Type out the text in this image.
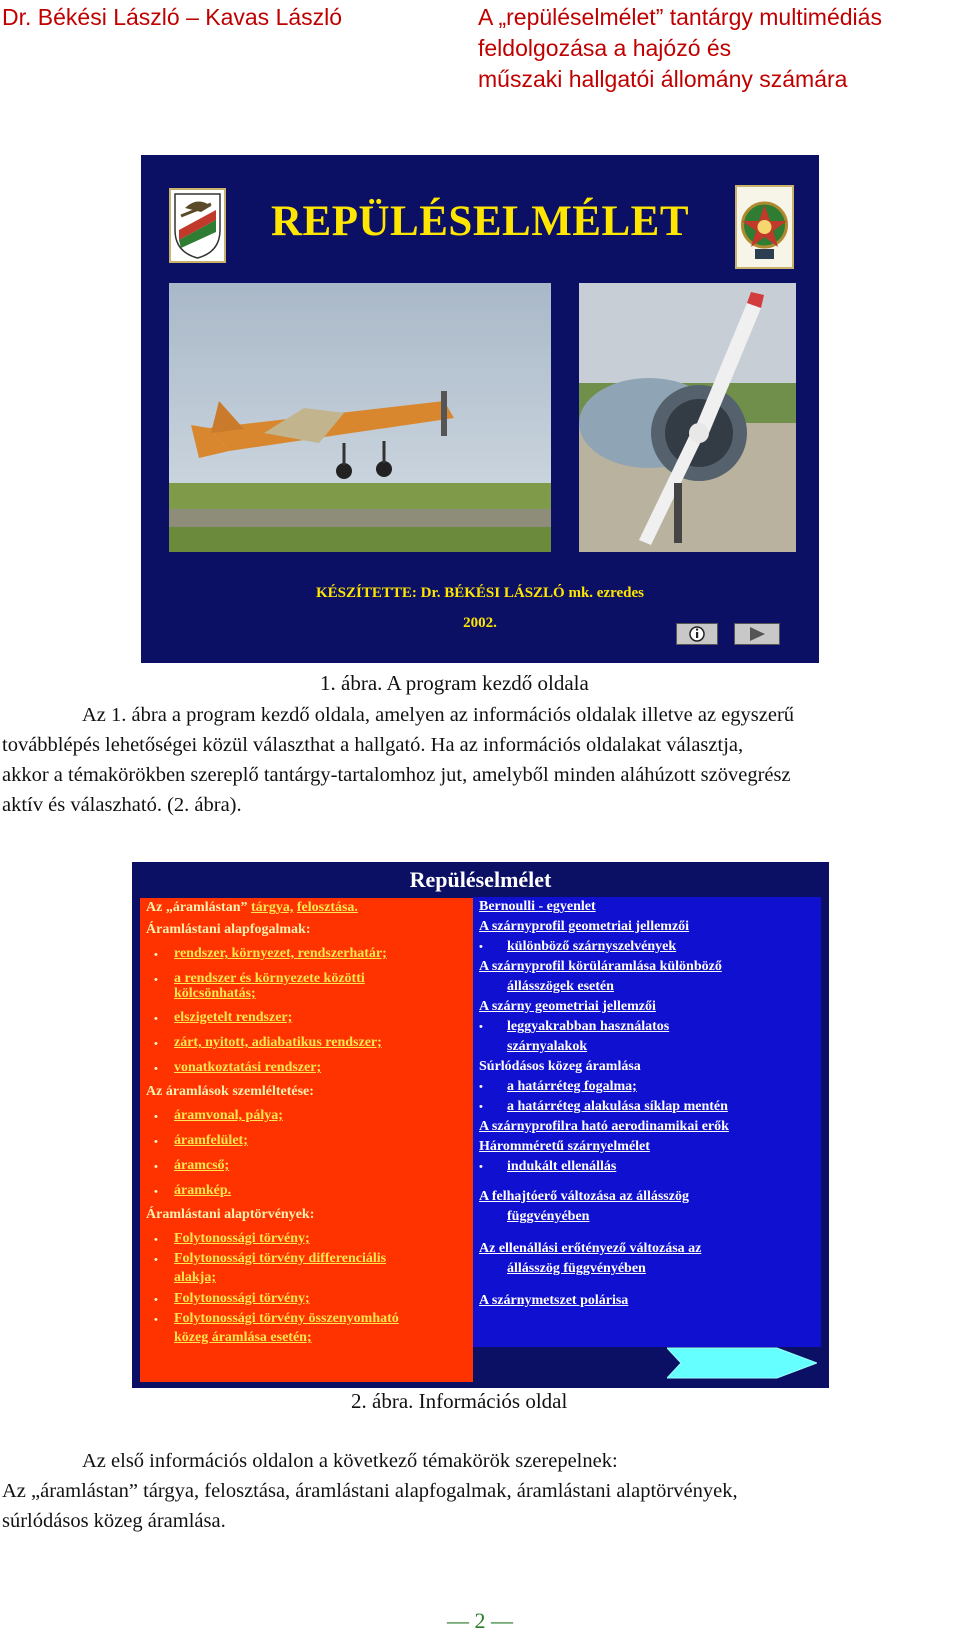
Dr. Békési László – Kavas László	A „repüléselmélet” tantárgy multimédiás
feldolgozása a hajózó és
műszaki hallgatói állomány számára
REPÜLÉSELMÉLET
KÉSZÍTETTE: Dr. BÉKÉSI LÁSZLÓ mk. ezredes
2002.
1. ábra. A program kezdő oldala
Az 1. ábra a program kezdő oldala, amelyen az információs oldalak illetve az egyszerű
továbblépés lehetőségei közül választhat a hallgató. Ha az információs oldalakat választja,
akkor a témakörökben szereplő tantárgy-tartalomhoz jut, amelyből minden aláhúzott szövegrész
aktív és válaszható. (2. ábra).
Repüléselmélet
Az „áramlástan” tárgya, felosztása.
Áramlástani alapfogalmak:
• rendszer, környezet, rendszerhatár;
• a rendszer és környezete közötti
kölcsönhatás;
• elszigetelt rendszer;
• zárt, nyitott, adiabatikus rendszer;
• vonatkoztatási rendszer;
Az áramlások szemléltetése:
• áramvonal, pálya;
• áramfelület;
• áramcső;
• áramkép.
Áramlástani alaptörvények:
• Folytonossági törvény;
• Folytonossági törvény differenciális
alakja;
• Folytonossági törvény;
• Folytonossági törvény összenyomható
közeg áramlása esetén;
Bernoulli - egyenlet
A szárnyprofil geometriai jellemzői
• különböző szárnyszelvények
A szárnyprofil körüláramlása különböző
állásszögek esetén
A szárny geometriai jellemzői
• leggyakrabban használatos
szárnyalakok
Súrlódásos közeg áramlása
• a határréteg fogalma;
• a határréteg alakulása síklap mentén
A szárnyprofilra ható aerodinamikai erők
Háromméretű szárnyelmélet
• indukált ellenállás
A felhajtóerő változása az állásszög
függvényében
Az ellenállási erőtényező változása az
állásszög függvényében
A szárnymetszet polárisa
2. ábra. Információs oldal
Az első információs oldalon a következő témakörök szerepelnek:
Az „áramlástan” tárgya, felosztása, áramlástani alapfogalmak, áramlástani alaptörvények,
súrlódásos közeg áramlása.
— 2 —
